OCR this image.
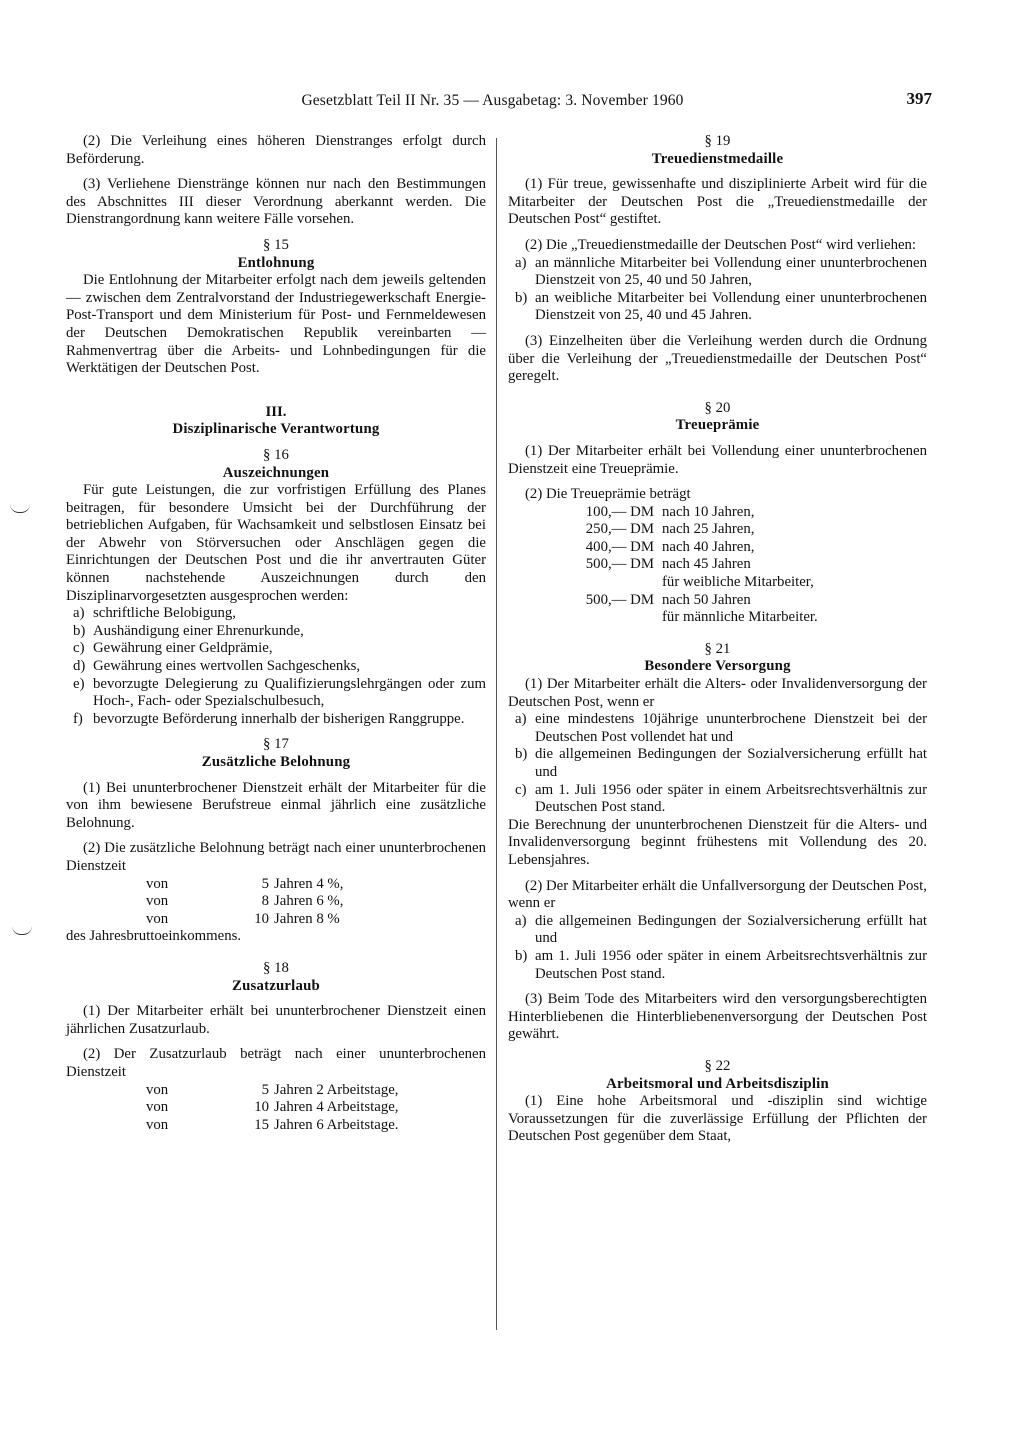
Gesetzblatt Teil II Nr. 35 — Ausgabetag: 3. November 1960	397

(2) Die Verleihung eines höheren Dienstranges erfolgt durch Beförderung.

(3) Verliehene Dienstränge können nur nach den Bestimmungen des Abschnittes III dieser Verordnung aberkannt werden. Die Dienstrangordnung kann weitere Fälle vorsehen.

§ 15

Entlohnung

Die Entlohnung der Mitarbeiter erfolgt nach dem jeweils geltenden — zwischen dem Zentralvorstand der Industriegewerkschaft Energie-Post-Transport und dem Ministerium für Post- und Fernmeldewesen der Deutschen Demokratischen Republik vereinbarten — Rahmenvertrag über die Arbeits- und Lohnbedingungen für die Werktätigen der Deutschen Post.

III.

Disziplinarische Verantwortung

§ 16

Auszeichnungen

Für gute Leistungen, die zur vorfristigen Erfüllung des Planes beitragen, für besondere Umsicht bei der Durchführung der betrieblichen Aufgaben, für Wachsamkeit und selbstlosen Einsatz bei der Abwehr von Störversuchen oder Anschlägen gegen die Einrichtungen der Deutschen Post und die ihr anvertrauten Güter können nachstehende Auszeichnungen durch den Disziplinarvorgesetzten ausgesprochen werden:

a) schriftliche Belobigung,

b) Aushändigung einer Ehrenurkunde,

c) Gewährung einer Geldprämie,

d) Gewährung eines wertvollen Sachgeschenks,

e) bevorzugte Delegierung zu Qualifizierungslehrgängen oder zum Hoch-, Fach- oder Spezialschulbesuch,

f) bevorzugte Beförderung innerhalb der bisherigen Ranggruppe.

§ 17

Zusätzliche Belohnung

(1) Bei ununterbrochener Dienstzeit erhält der Mitarbeiter für die von ihm bewiesene Berufstreue einmal jährlich eine zusätzliche Belohnung.

(2) Die zusätzliche Belohnung beträgt nach einer ununterbrochenen Dienstzeit

von	5 Jahren 4 %,
von	8 Jahren 6 %,
von	10 Jahren 8 %

des Jahresbruttoeinkommens.

§ 18

Zusatzurlaub

(1) Der Mitarbeiter erhält bei ununterbrochener Dienstzeit einen jährlichen Zusatzurlaub.

(2) Der Zusatzurlaub beträgt nach einer ununterbrochenen Dienstzeit

von	5 Jahren 2 Arbeitstage,
von	10 Jahren 4 Arbeitstage,
von	15 Jahren 6 Arbeitstage.

§ 19

Treuedienstmedaille

(1) Für treue, gewissenhafte und disziplinierte Arbeit wird für die Mitarbeiter der Deutschen Post die „Treuedienstmedaille der Deutschen Post“ gestiftet.

(2) Die „Treuedienstmedaille der Deutschen Post“ wird verliehen:

a) an männliche Mitarbeiter bei Vollendung einer ununterbrochenen Dienstzeit von 25, 40 und 50 Jahren,

b) an weibliche Mitarbeiter bei Vollendung einer ununterbrochenen Dienstzeit von 25, 40 und 45 Jahren.

(3) Einzelheiten über die Verleihung werden durch die Ordnung über die Verleihung der „Treuedienstmedaille der Deutschen Post“ geregelt.

§ 20

Treueprämie

(1) Der Mitarbeiter erhält bei Vollendung einer ununterbrochenen Dienstzeit eine Treueprämie.

(2) Die Treueprämie beträgt

100,— DM nach 10 Jahren,
250,— DM nach 25 Jahren,
400,— DM nach 40 Jahren,
500,— DM nach 45 Jahren
für weibliche Mitarbeiter,
500,— DM nach 50 Jahren
für männliche Mitarbeiter.

§ 21

Besondere Versorgung

(1) Der Mitarbeiter erhält die Alters- oder Invalidenversorgung der Deutschen Post, wenn er

a) eine mindestens 10jährige ununterbrochene Dienstzeit bei der Deutschen Post vollendet hat und

b) die allgemeinen Bedingungen der Sozialversicherung erfüllt hat und

c) am 1. Juli 1956 oder später in einem Arbeitsrechtsverhältnis zur Deutschen Post stand.

Die Berechnung der ununterbrochenen Dienstzeit für die Alters- und Invalidenversorgung beginnt frühestens mit Vollendung des 20. Lebensjahres.

(2) Der Mitarbeiter erhält die Unfallversorgung der Deutschen Post, wenn er

a) die allgemeinen Bedingungen der Sozialversicherung erfüllt hat und

b) am 1. Juli 1956 oder später in einem Arbeitsrechtsverhältnis zur Deutschen Post stand.

(3) Beim Tode des Mitarbeiters wird den versorgungsberechtigten Hinterbliebenen die Hinterbliebenenversorgung der Deutschen Post gewährt.

§ 22

Arbeitsmoral und Arbeitsdisziplin

(1) Eine hohe Arbeitsmoral und -disziplin sind wichtige Voraussetzungen für die zuverlässige Erfüllung der Pflichten der Deutschen Post gegenüber dem Staat,
